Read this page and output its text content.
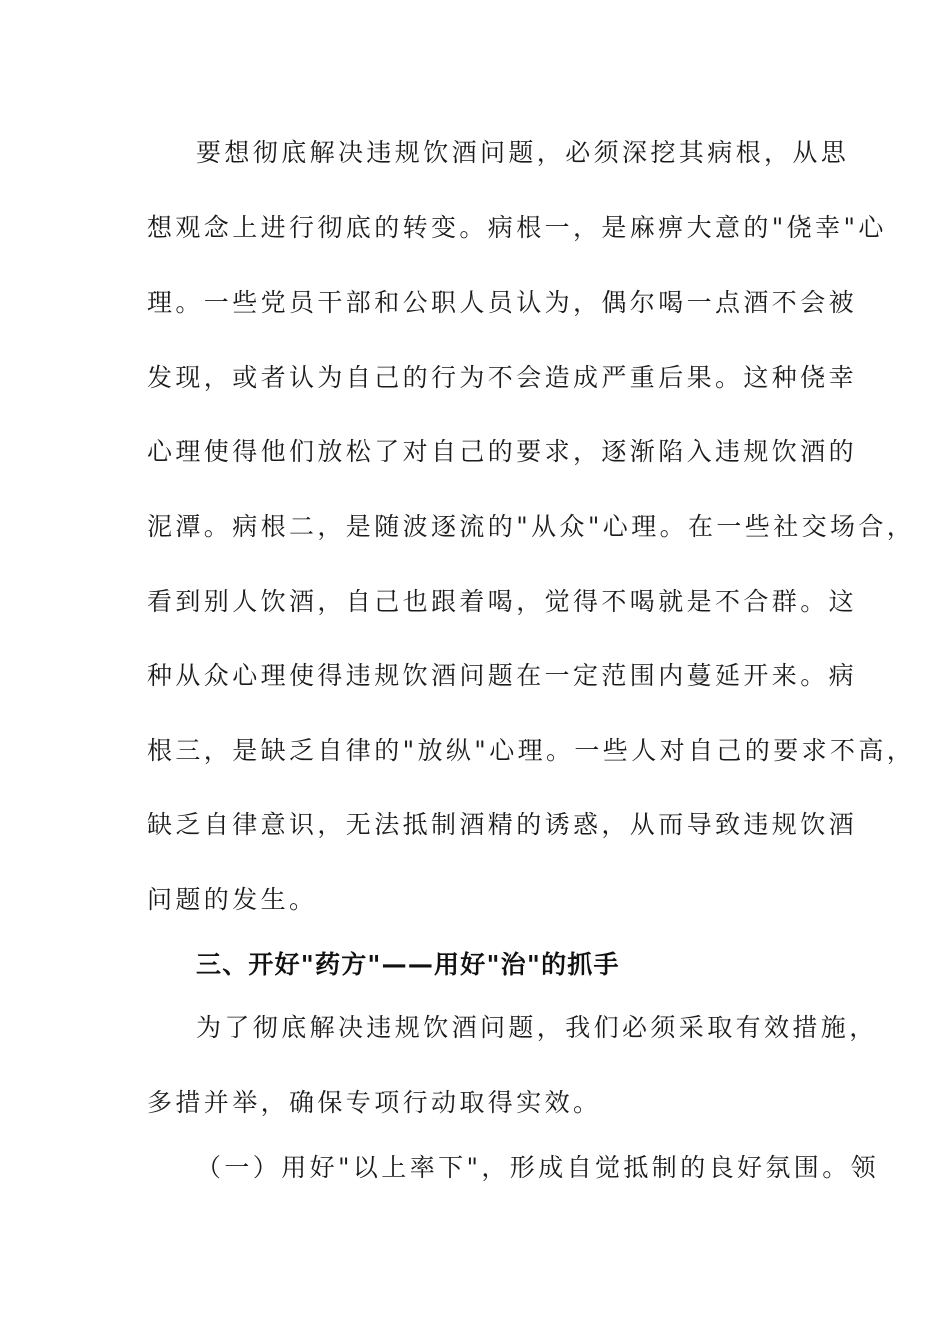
要想彻底解决违规饮酒问题，必须深挖其病根，从思

想观念上进行彻底的转变。病根一，是麻痹大意的"侥幸"心

理。一些党员干部和公职人员认为，偶尔喝一点酒不会被

发现，或者认为自己的行为不会造成严重后果。这种侥幸

心理使得他们放松了对自己的要求，逐渐陷入违规饮酒的

泥潭。病根二，是随波逐流的"从众"心理。在一些社交场合，

看到别人饮酒，自己也跟着喝，觉得不喝就是不合群。这

种从众心理使得违规饮酒问题在一定范围内蔓延开来。病

根三，是缺乏自律的"放纵"心理。一些人对自己的要求不高，

缺乏自律意识，无法抵制酒精的诱惑，从而导致违规饮酒

问题的发生。

三、开好"药方"——用好"治"的抓手

为了彻底解决违规饮酒问题，我们必须采取有效措施，

多措并举，确保专项行动取得实效。

（一）用好"以上率下"，形成自觉抵制的良好氛围。领
